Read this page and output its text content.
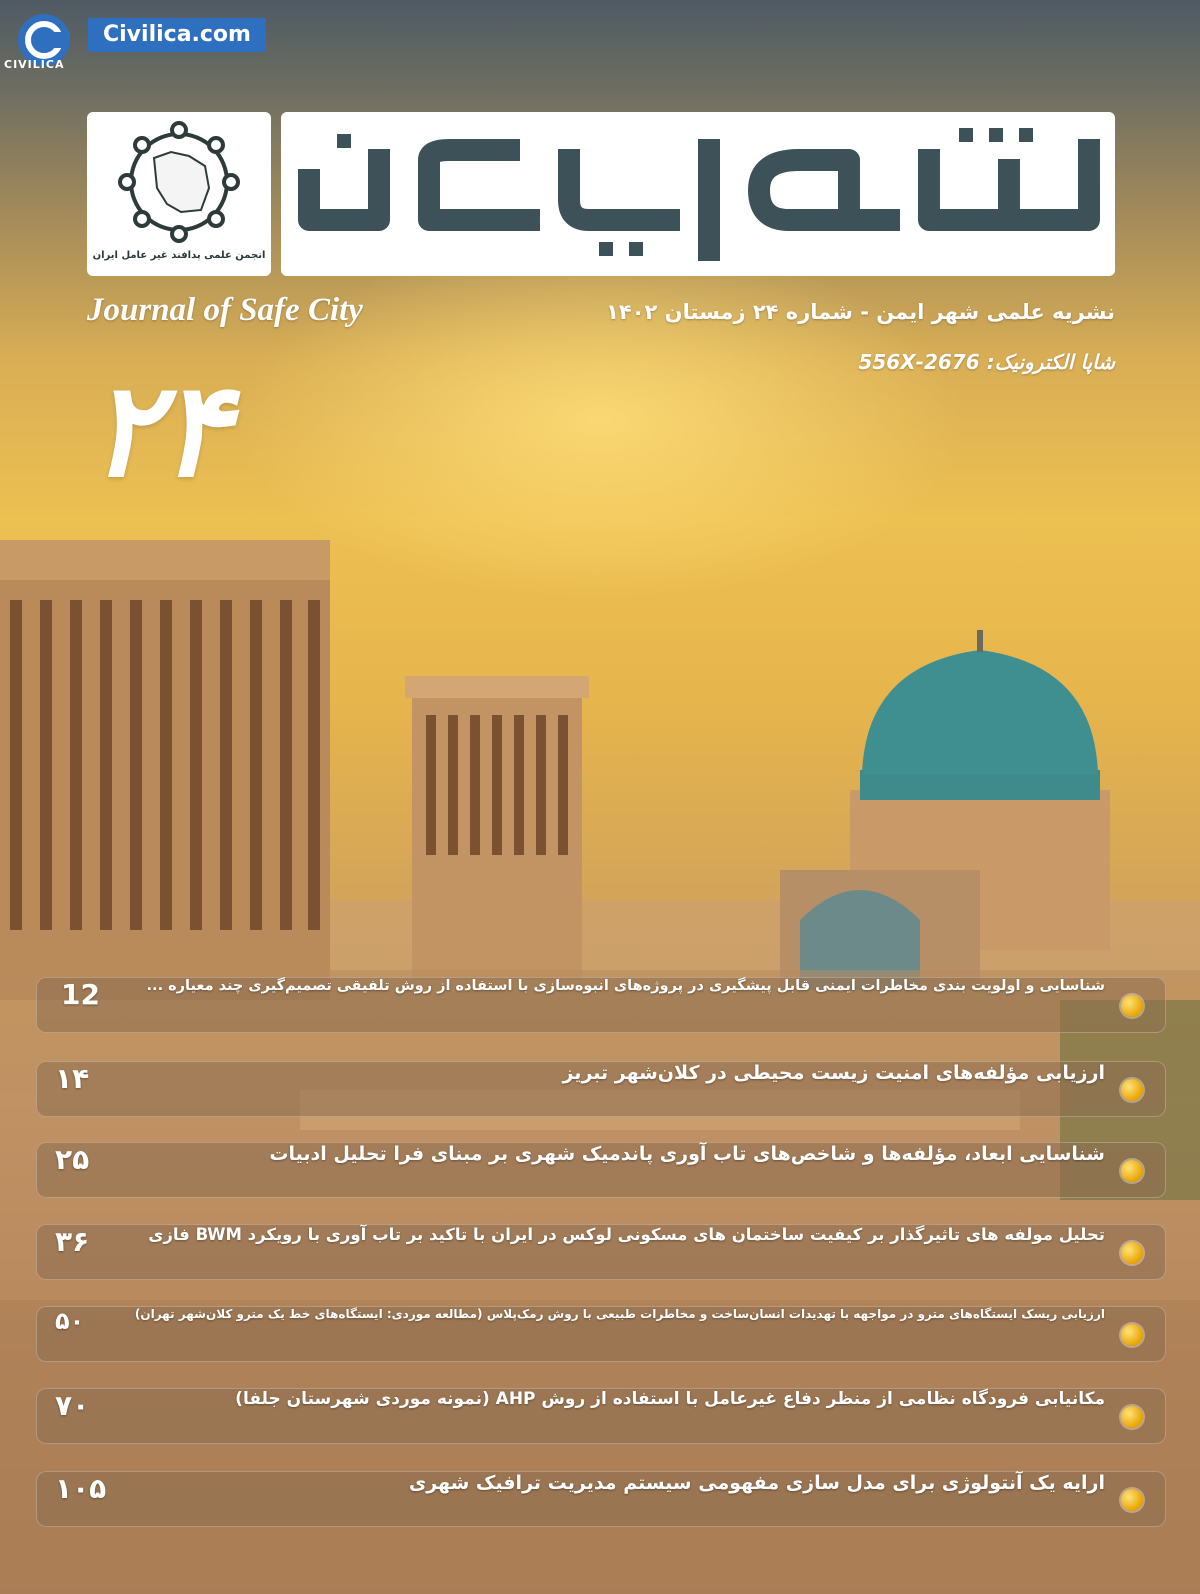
CIVILICA
Civilica.com
انجمن علمی پدافند غیر عامل ایران
Journal of Safe City	نشریه علمی شهر ایمن - شماره ۲۴ زمستان ۱۴۰۲
شاپا الکترونیک: 2676-556X
۲۴
شناسایی و اولویت بندی مخاطرات ایمنی قابل پیشگیری در پروژه‌های انبوه‌سازی با استفاده از روش تلفیقی تصمیم‌گیری چند معیاره ...
12
ارزیابی مؤلفه‌های امنیت زیست محیطی در کلان‌شهر تبریز
۱۴
شناسایی ابعاد، مؤلفه‌ها و شاخص‌های تاب آوری پاندمیک شهری بر مبنای فرا تحلیل ادبیات
۲۵
تحلیل مولفه های تاثیرگذار بر کیفیت ساختمان های مسکونی لوکس در ایران با تاکید بر تاب آوری با رویکرد BWM فازی
۳۶
ارزیابی ریسک ایستگاه‌های مترو در مواجهه با تهدیدات انسان‌ساخت و مخاطرات طبیعی با روش رمک‌پلاس (مطالعه موردی: ایستگاه‌های خط یک مترو کلان‌شهر تهران)
۵۰
مکانیابی فرودگاه نظامی از منظر دفاع غیرعامل با استفاده از روش AHP (نمونه موردی شهرستان جلفا)
۷۰
ارایه یک آنتولوژی برای مدل سازی مفهومی سیستم مدیریت ترافیک شهری
۱۰۵
